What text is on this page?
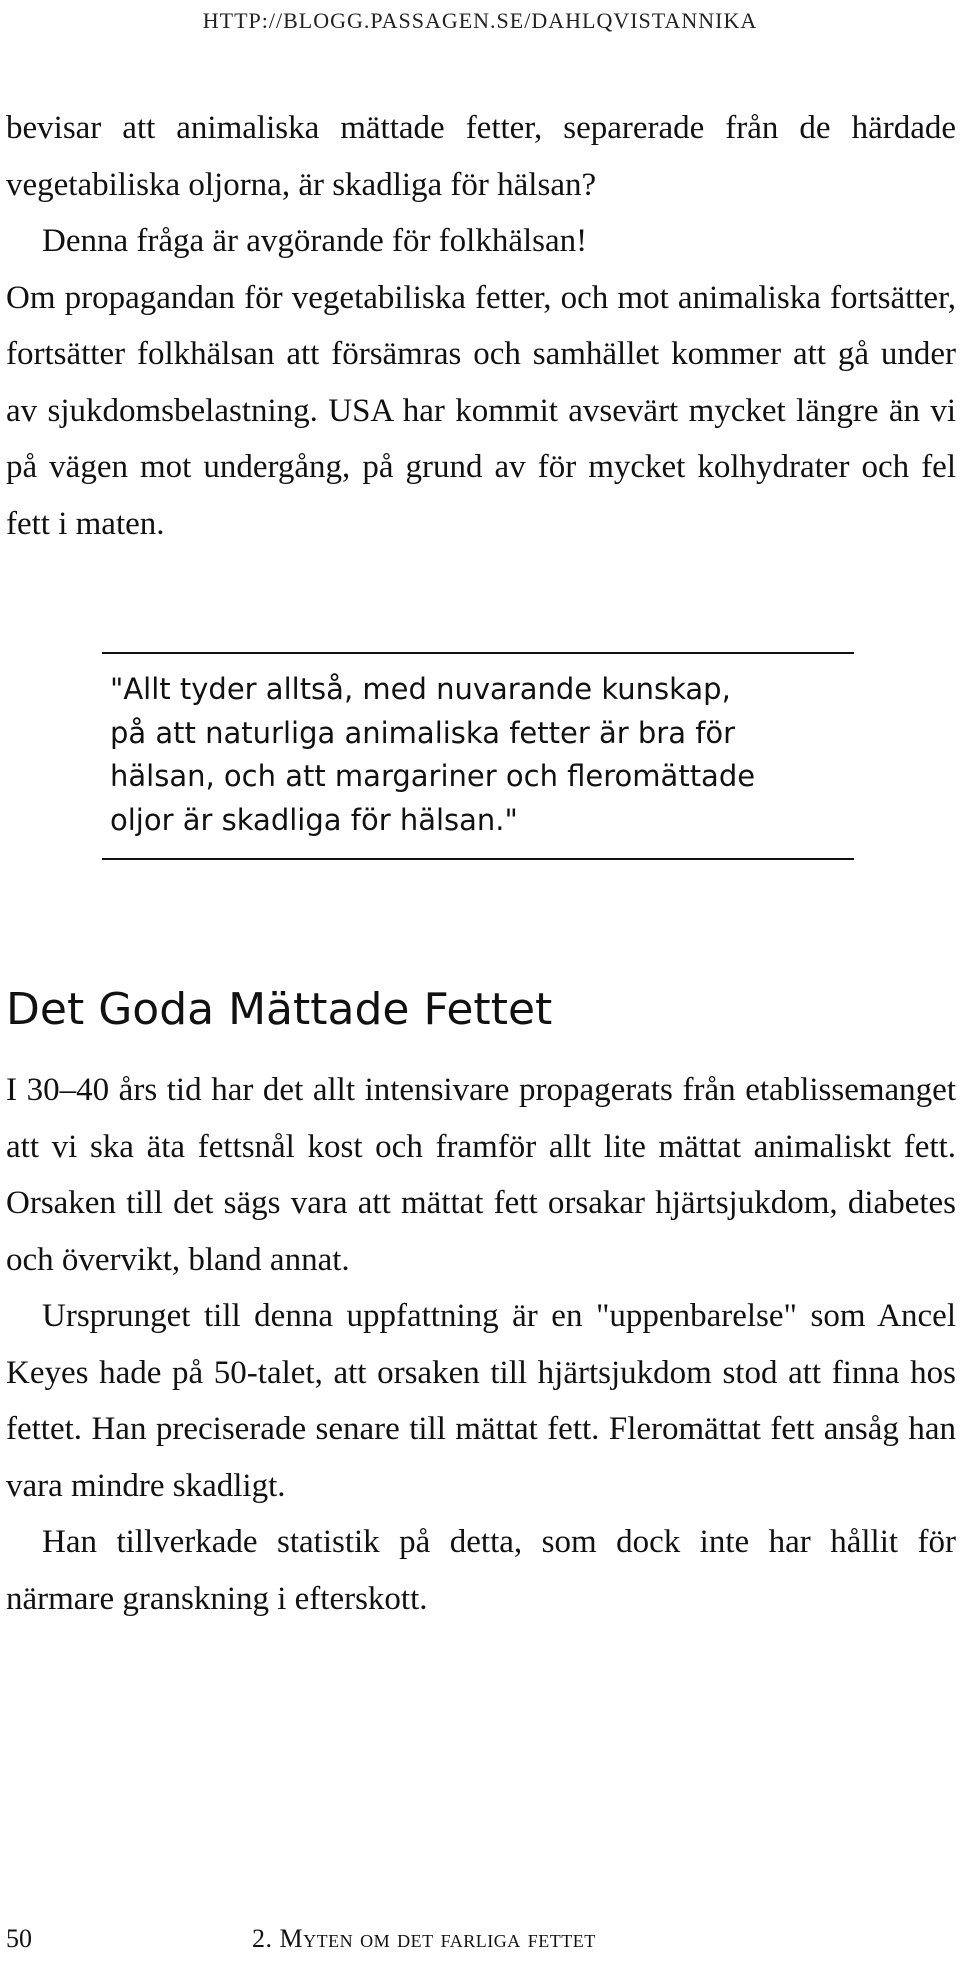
HTTP://BLOGG.PASSAGEN.SE/DAHLQVISTANNIKA

bevisar att animaliska mättade fetter, separerade från de härdade vegetabiliska oljorna, är skadliga för hälsan?

Denna fråga är avgörande för folkhälsan!

Om propagandan för vegetabiliska fetter, och mot animaliska fortsätter, fortsätter folkhälsan att försämras och samhället kommer att gå under av sjukdomsbelastning. USA har kommit avsevärt mycket längre än vi på vägen mot undergång, på grund av för mycket kolhydrater och fel fett i maten.

"Allt tyder alltså, med nuvarande kunskap,
på att naturliga animaliska fetter är bra för
hälsan, och att margariner och fleromättade
oljor är skadliga för hälsan."
Det Goda Mättade Fettet

I 30–40 års tid har det allt intensivare propagerats från etablissemanget att vi ska äta fettsnål kost och framför allt lite mättat animaliskt fett. Orsaken till det sägs vara att mättat fett orsakar hjärtsjukdom, diabetes och övervikt, bland annat.

Ursprunget till denna uppfattning är en "uppenbarelse" som Ancel Keyes hade på 50-talet, att orsaken till hjärtsjukdom stod att finna hos fettet. Han preciserade senare till mättat fett. Fleromättat fett ansåg han vara mindre skadligt.

Han tillverkade statistik på detta, som dock inte har hållit för närmare granskning i efterskott.

50	2. Myten om det farliga fettet
